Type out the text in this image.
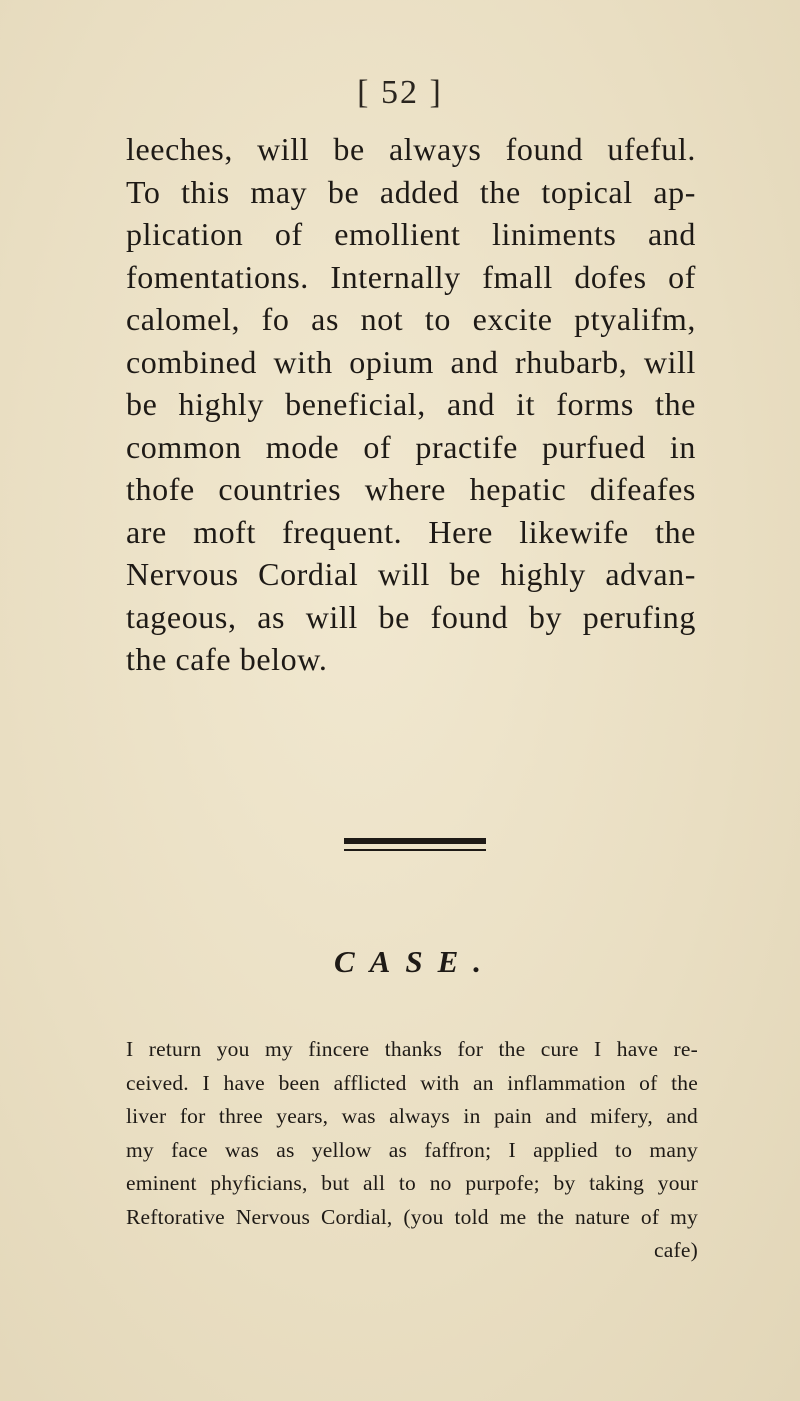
[ 52 ]
leeches, will be always found ufeful.
To this may be added the topical ap-
plication of emollient liniments and
fomentations. Internally fmall dofes of
calomel, fo as not to excite ptyalifm,
combined with opium and rhubarb, will
be highly beneficial, and it forms the
common mode of practife purfued in
thofe countries where hepatic difeafes
are moft frequent. Here likewife the
Nervous Cordial will be highly advan-
tageous, as will be found by perufing
the cafe below.
CASE.
I return you my fincere thanks for the cure I have re-
ceived. I have been afflicted with an inflammation of the
liver for three years, was always in pain and mifery, and
my face was as yellow as faffron; I applied to many
eminent phyficians, but all to no purpofe; by taking your
Reftorative Nervous Cordial, (you told me the nature of my
cafe)
